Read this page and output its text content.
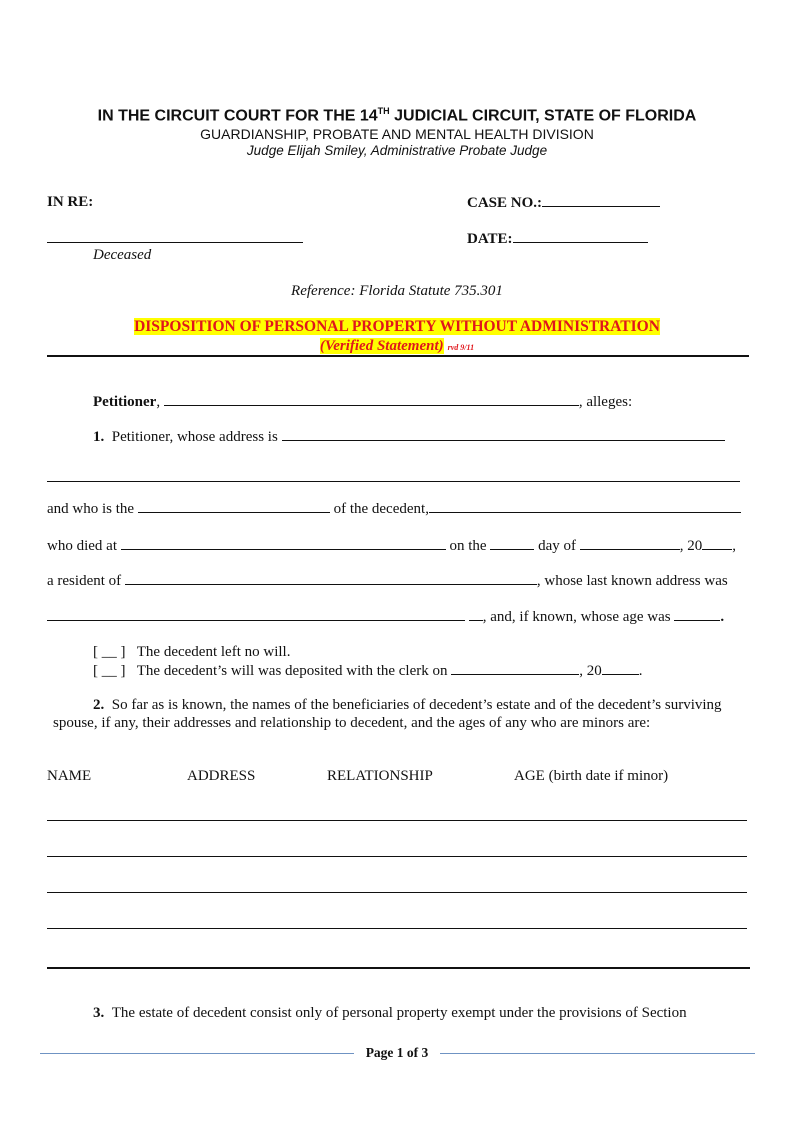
IN THE CIRCUIT COURT FOR THE 14TH JUDICIAL CIRCUIT, STATE OF FLORIDA
GUARDIANSHIP, PROBATE AND MENTAL HEALTH DIVISION
Judge Elijah Smiley, Administrative Probate Judge
IN RE:	CASE NO.:
DATE:
Deceased
Reference: Florida Statute 735.301
DISPOSITION OF PERSONAL PROPERTY WITHOUT ADMINISTRATION
(Verified Statement) rvd 9/11
Petitioner,	, alleges:
1. Petitioner, whose address is
and who is the	of the decedent,
who died at	on the	day of	, 20 ,
a resident of	, whose last known address was
, and, if known, whose age was	.
[ __ ] The decedent left no will.
[ __ ] The decedent’s will was deposited with the clerk on	, 20 .
2. So far as is known, the names of the beneficiaries of decedent’s estate and of the decedent’s surviving
spouse, if any, their addresses and relationship to decedent, and the ages of any who are minors are:
NAME	ADDRESS	RELATIONSHIP	AGE (birth date if minor)
3. The estate of decedent consist only of personal property exempt under the provisions of Section
Page 1 of 3
